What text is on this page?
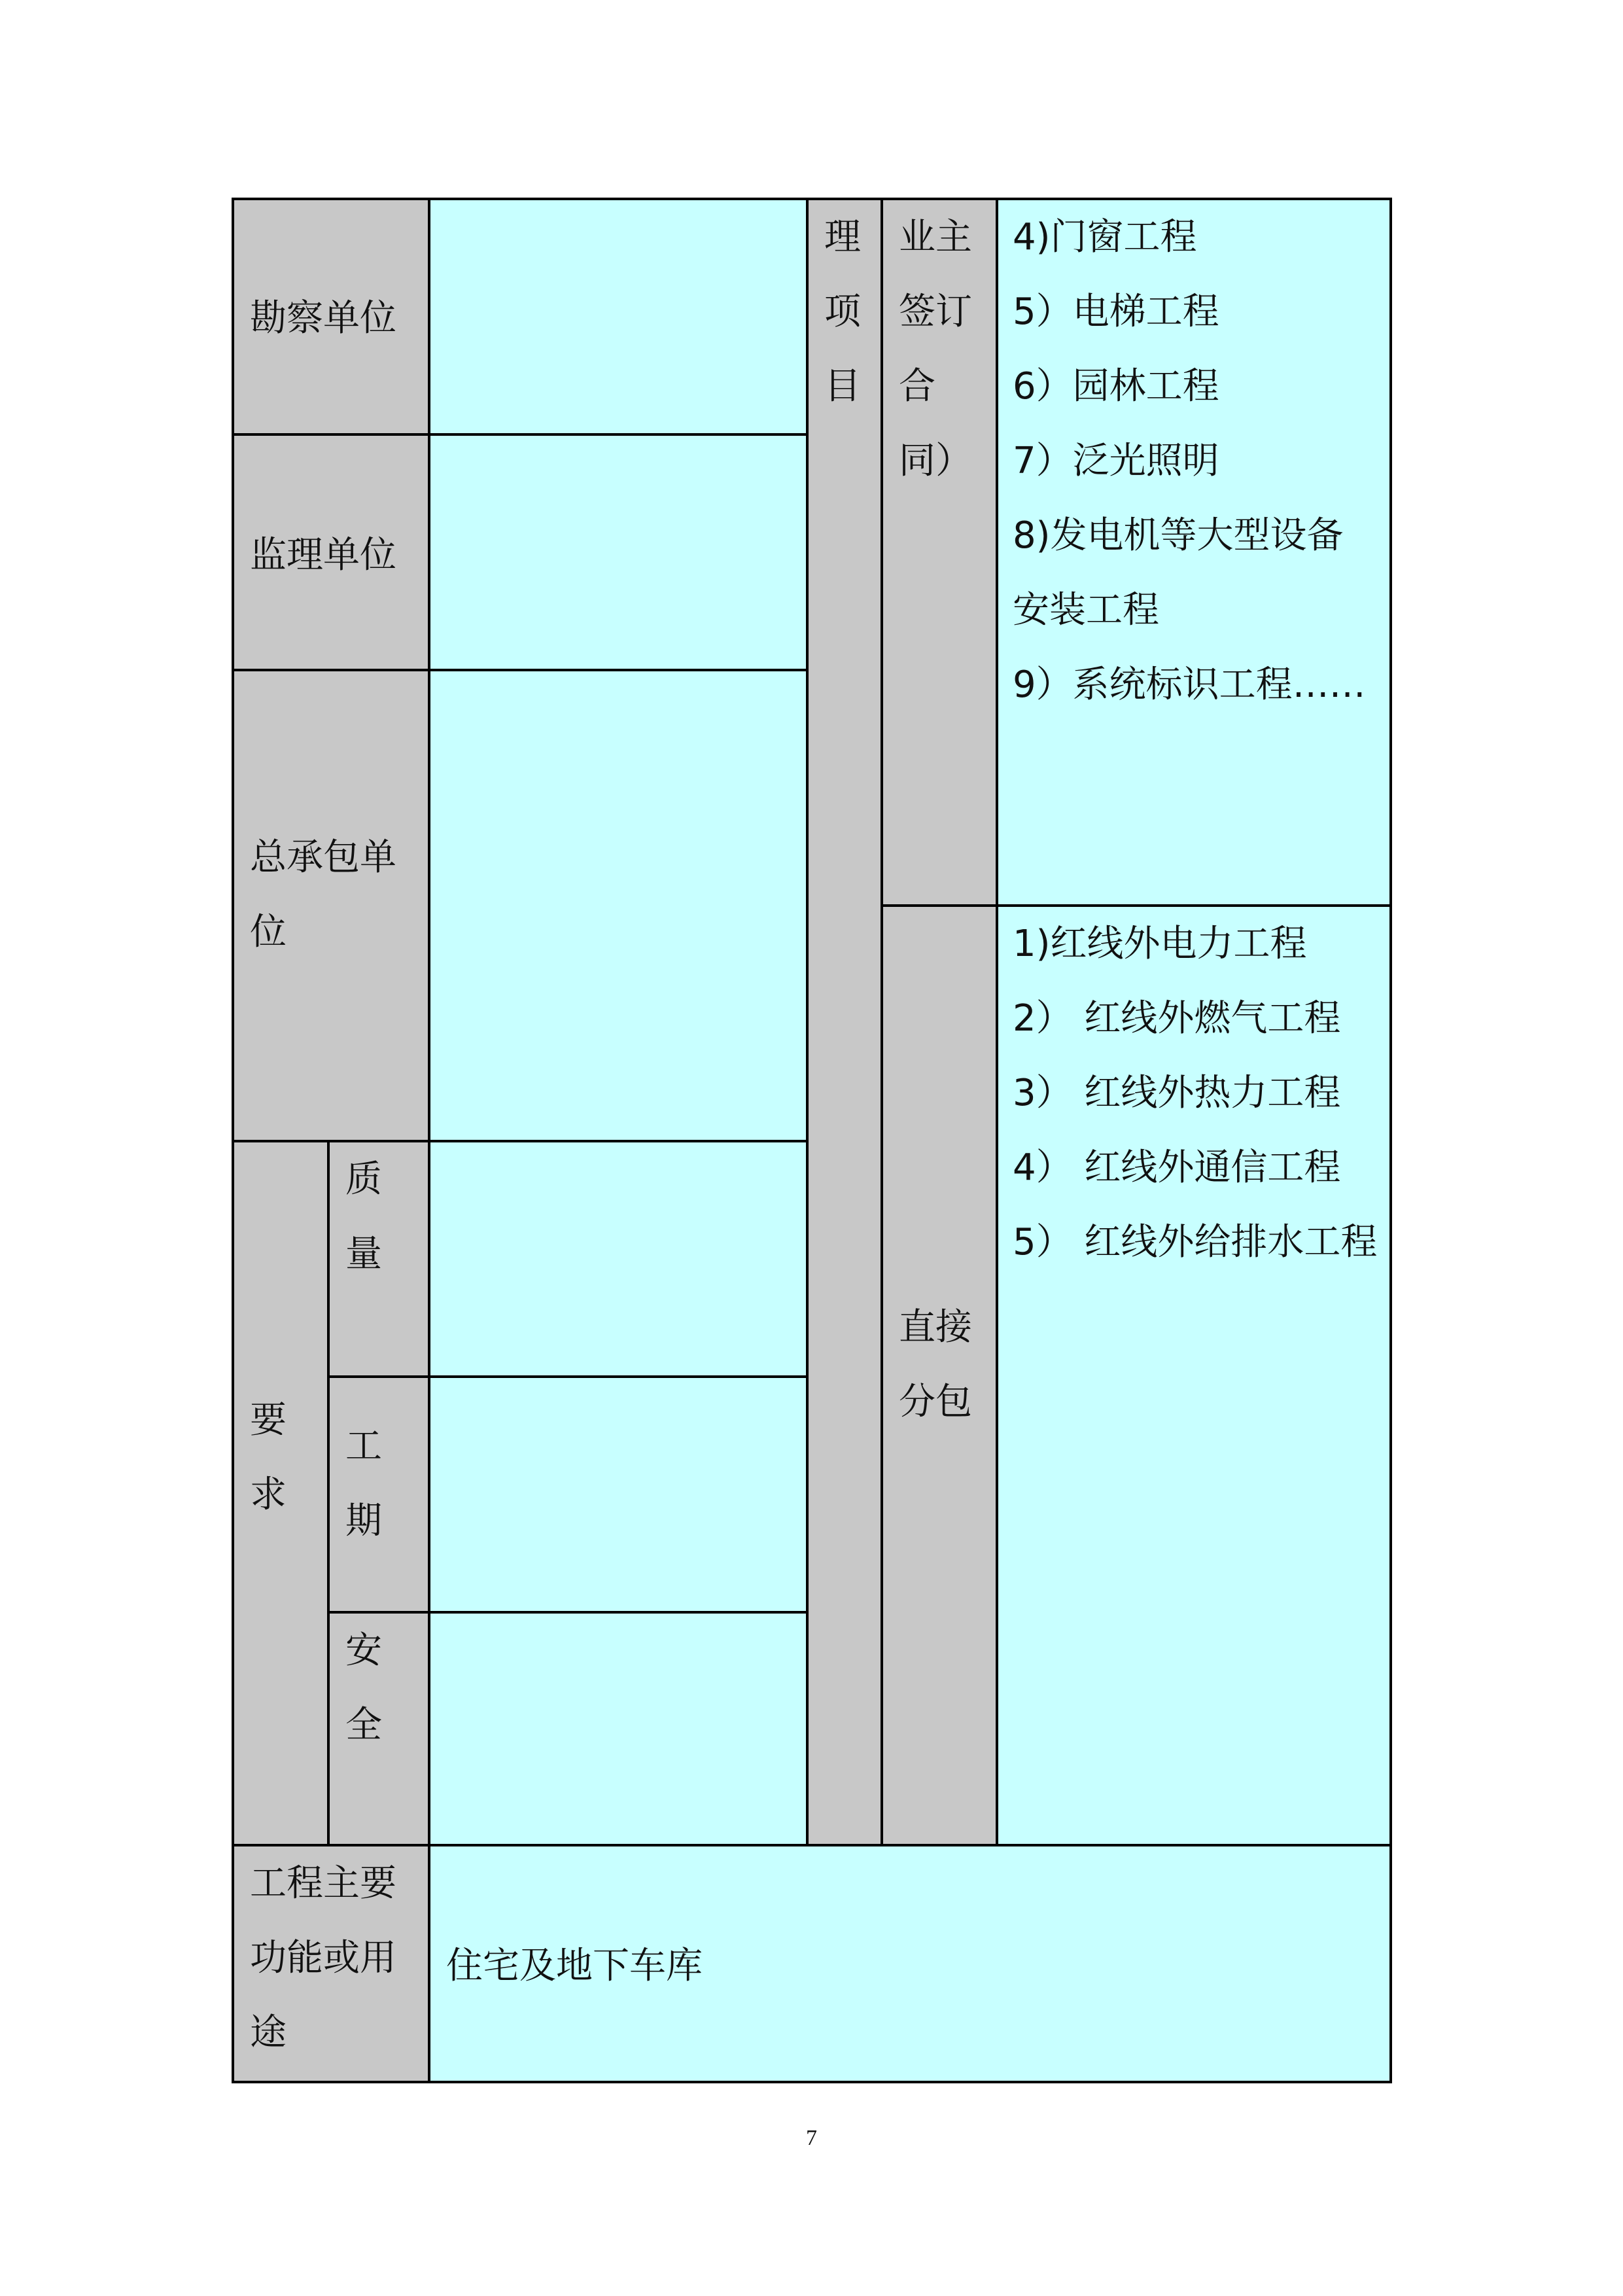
勘察单位
监理单位
总承包单
位
要
求
质
量
工
期
安
全
理
项
目
业主
签订
合
同）
4)门窗工程
5）电梯工程
6）园林工程
7）泛光照明
8)发电机等大型设备
安装工程
9）系统标识工程……
直接
分包
1)红线外电力工程
2） 红线外燃气工程
3） 红线外热力工程
4） 红线外通信工程
5） 红线外给排水工程
工程主要
功能或用
途
住宅及地下车库
7
